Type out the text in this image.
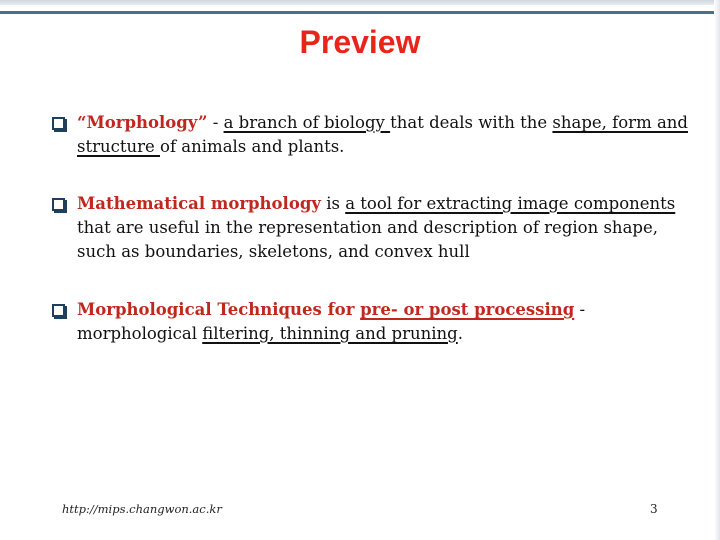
Preview
“Morphology” - a branch of biology that deals with the shape, form and structure of animals and plants.
Mathematical morphology is a tool for extracting image components that are useful in the representation and description of region shape, such as boundaries, skeletons, and convex hull
Morphological Techniques for pre- or post processing - morphological filtering, thinning and pruning.
http://mips.changwon.ac.kr	3
